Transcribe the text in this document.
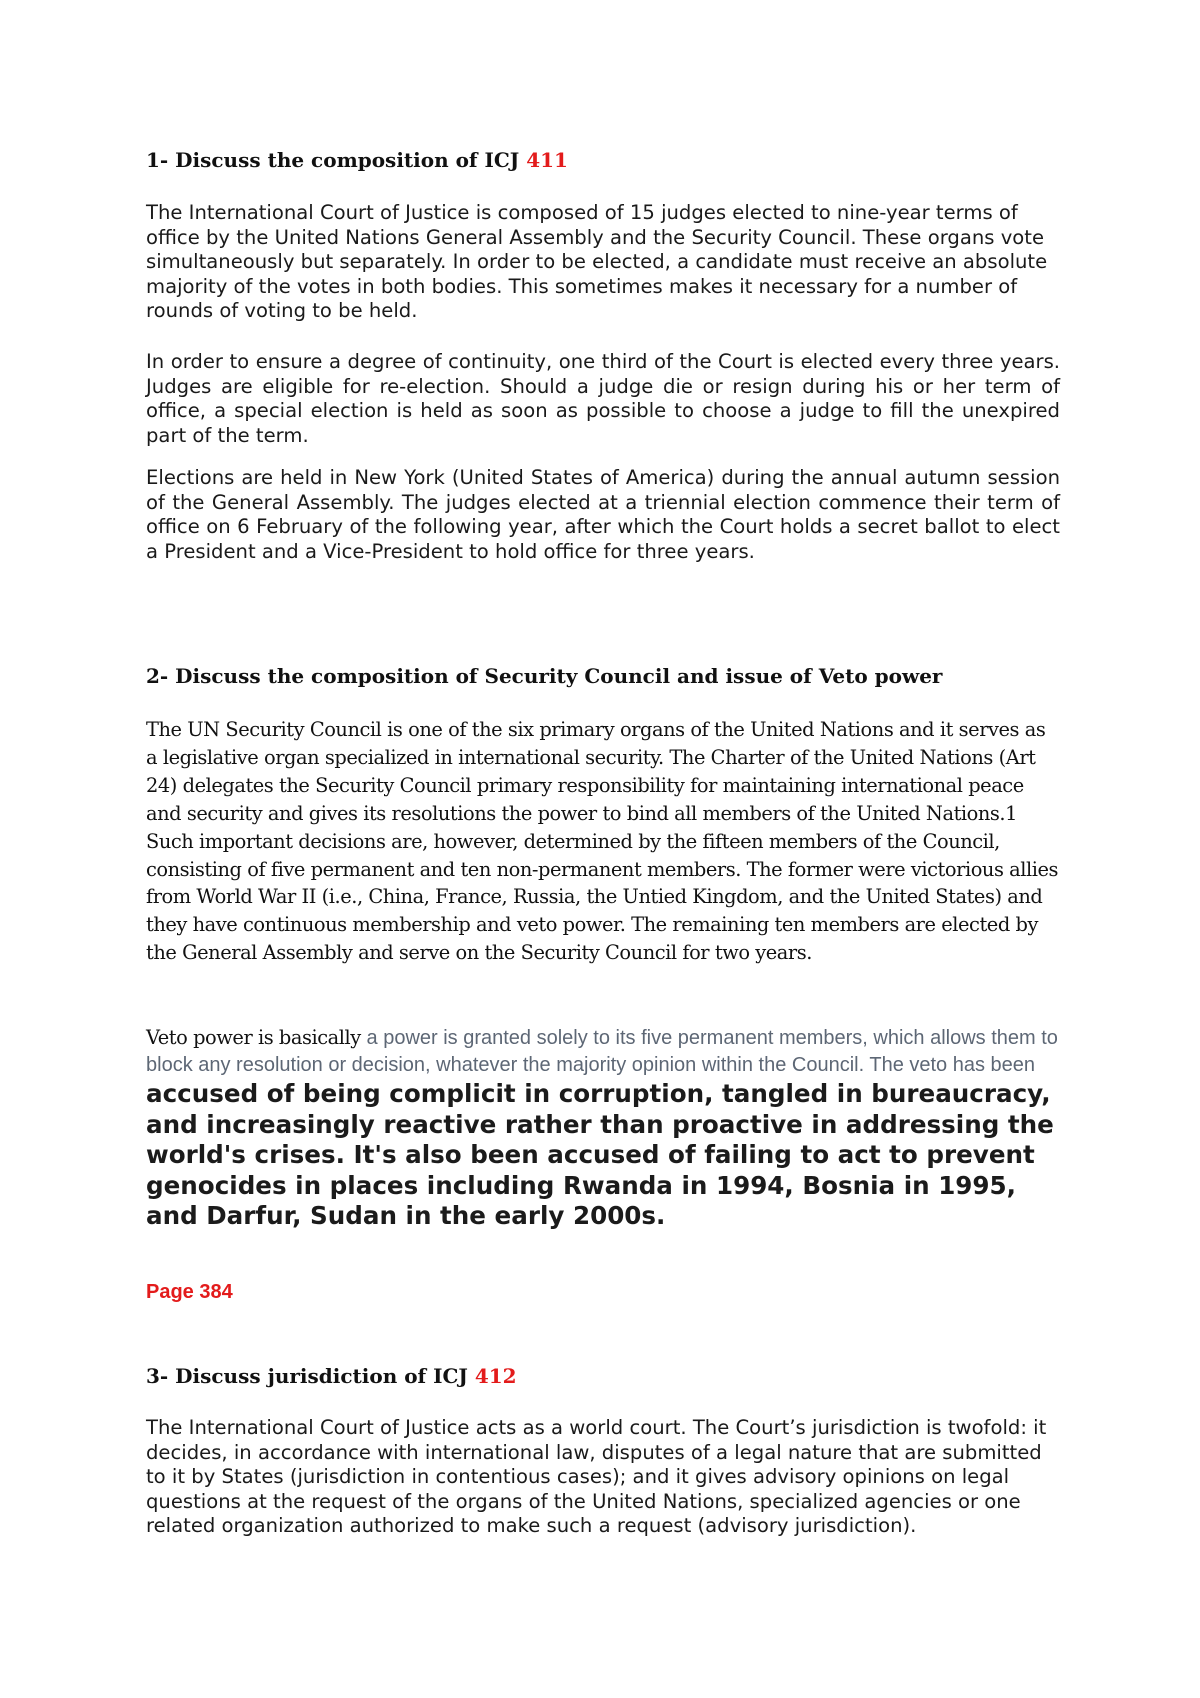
1- Discuss the composition of ICJ 411

The International Court of Justice is composed of 15 judges elected to nine-year terms of office by the United Nations General Assembly and the Security Council. These organs vote simultaneously but separately. In order to be elected, a candidate must receive an absolute majority of the votes in both bodies. This sometimes makes it necessary for a number of rounds of voting to be held.

In order to ensure a degree of continuity, one third of the Court is elected every three years. Judges are eligible for re-election. Should a judge die or resign during his or her term of office, a special election is held as soon as possible to choose a judge to fill the unexpired part of the term.

Elections are held in New York (United States of America) during the annual autumn session of the General Assembly. The judges elected at a triennial election commence their term of office on 6 February of the following year, after which the Court holds a secret ballot to elect a President and a Vice-President to hold office for three years.

2- Discuss the composition of Security Council and issue of Veto power

The UN Security Council is one of the six primary organs of the United Nations and it serves as a legislative organ specialized in international security. The Charter of the United Nations (Art 24) delegates the Security Council primary responsibility for maintaining international peace and security and gives its resolutions the power to bind all members of the United Nations.1 Such important decisions are, however, determined by the fifteen members of the Council, consisting of five permanent and ten non-permanent members. The former were victorious allies from World War II (i.e., China, France, Russia, the Untied Kingdom, and the United States) and they have continuous membership and veto power. The remaining ten members are elected by the General Assembly and serve on the Security Council for two years.

Veto power is basically a power is granted solely to its five permanent members, which allows them to block any resolution or decision, whatever the majority opinion within the Council. The veto has been accused of being complicit in corruption, tangled in bureaucracy, and increasingly reactive rather than proactive in addressing the world's crises. It's also been accused of failing to act to prevent genocides in places including Rwanda in 1994, Bosnia in 1995, and Darfur, Sudan in the early 2000s.

Page 384
3- Discuss jurisdiction of ICJ 412

The International Court of Justice acts as a world court. The Court’s jurisdiction is twofold: it decides, in accordance with international law, disputes of a legal nature that are submitted to it by States (jurisdiction in contentious cases); and it gives advisory opinions on legal questions at the request of the organs of the United Nations, specialized agencies or one related organization authorized to make such a request (advisory jurisdiction).
